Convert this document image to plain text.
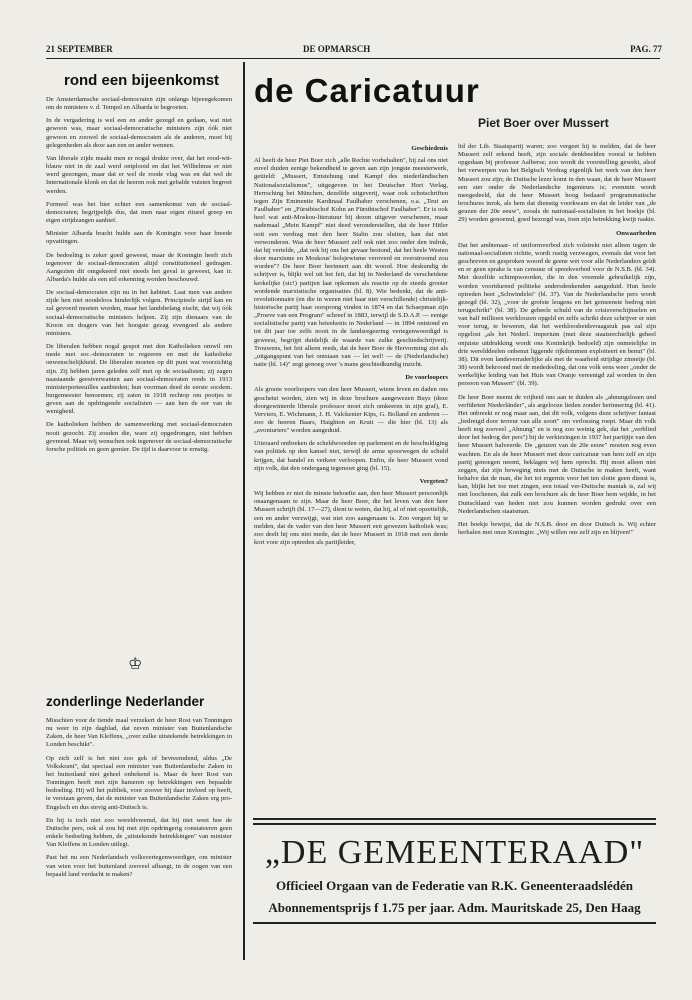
21 SEPTEMBER	DE OPMARSCH	PAG. 77
rond een bijeenkomst

De Amsterdamsche sociaal-democraten zijn onlangs bijeengekomen om de ministers v. d. Tempel en Albarda te begroeten.

In de vergadering is wel een en ander gezegd en gedaan, wat niet gewoon was, maar sociaal-democratische ministers zijn óók niet gewoon en zoowel de sociaal-democraten als de anderen, moet bij gelegenheden als deze aan een en ander wennen.

Van liberale zijde maakt men er nogal drukte over, dat het rood-wit-blauw niet in de zaal werd ontplooid en dat het Wilhelmus er niet werd gezongen, maar dat er wel de roode vlag was en dat wel de Internationale klonk en dat de heeren ook met gebalde vuisten begroet werden.

Formeel was het hier echter een samenkomst van de sociaal-democraten; begrijpelijk dus, dat men naar eigen ritueel greep en eigen strijdzangen aanhief.

Minister Albarda bracht hulde aan de Koningin voor haar breede opvattingen.

De bedoeling is zeker goed geweest, maar de Koningin heeft zich tegenover de sociaal-democraten altijd constitutioneel gedragen. Aangezien dit omgekeerd niet steeds het geval is geweest, kan ir. Albarda's hulde als een stil erkenning worden beschouwd.

De sociaal-democraten zijn nu in het kabinet. Laat men van andere zijde hen niet noodeloos hinderlijk volgen. Principieele strijd kan en zal gevoerd moeten worden, maar het landsbelang eischt, dat wij óók sociaal-democratische ministers helpen. Zij zijn dienaars van de Kroon en dragers van het hoogste gezag evengoed als andere ministers.

De liberalen hebben nogal gespot met den Katholieken omwil om mede met soc.-democraten te regeeren en met de katholieke onwenschelijkheid. De liberalen moeten op dit punt wat voorzichtig zijn. Zij hebben jaren geleden zelf met op de sociaalisten; zij zagen naastaande geestverwanten aan sociaal-democraten reeds in 1913 ministerporteeuilles aanbieden; hun voorman deed de eerste socdem. burgemeester benoemen; zij zaten in 1918 rechtop om pootjes te geven aan de opdringende socialisten — aan hen de eer van de wenigheid.

De katholieken hebben de samenwerking met sociaal-democraten nooit gezocht. Zij zouden die, ware zij opgedrongen, niet hebben gevreesd. Maar wij wenschen ook tegenover de sociaal-democratische forsche politiek en geen gemier. De tijd is daarvoor te ernstig.

♔
zonderlinge Nederlander

Misschien voor de tiende maal verzekert de heer Rost van Tonningen nu weer in zijn dagblad, dat zeven minister van Buitenlandsche Zaken, de heer Van Kleffens, „over zulke uitstekende betrekkingen in Londen beschikt".

Op zich zelf is het niet zoo gek of bevreemdend, aldus „De Volkskrant", dat speciaal een minister van Buitenlandsche Zaken in het buitenland niet geheel onbekend is. Maar de heer Rost van Tonningen heeft met zijn hameren op betrekkingen een bepaalde bedoeling. Hij wil het publiek, voor zoover hij daar invloed op heeft, te verstaan geven, dat de minister van Buitenlandsche Zaken erg pro-Engelsch en dus stevig anti-Duitsch is.

En hij is toch niet zoo wereldvreemd, dat hij niet weet hoe de Duitsche pers, ook al zou hij met zijn opdringerig constateeren geen enkele bedoeling hebben, de „uitstekende betrekkingen" van minister Van Kleffens in Londen uitlegt.

Past het nu een Nederlandsch volksvertegenwoordiger, om minister van wien voor het buitenland zooveel afhangt, in de oogen van een bepaald land verdacht te maken?

de Caricatuur
Piet Boer over Mussert
Geschiedenis

Al heeft de heer Piet Boer zich „alle Rechte vorbehalten", hij zal ons niet euvel duiden eenige bekendheid te geven aan zijn jongste meesterwerk, getiteld: „Mussert, Entstehung und Kampf des niederländischen Nationalsozialismus", uitgegeven in het Deutscher Hort Verlag, Herrsching bei München, dezelfde uitgeverij, waar ook schotschriften tegen Zijn Eminentie Kardinaal Faulhaber verschenen, o.a. „Teut an Faulhaber" en „Fürstbischof Kohn an Fürstbischof Faulhaber". Er is ook heel wat anti-Moskou-literatuur bij dezen uitgever verschenen, maar nademaal „Mein Kampf" niet deed veronderstellen, dat de heer Hitler ooit een verdrag met den heer Stalin zou sluiten, kan dat niet verwonderen. Was de heer Mussert zelf ook niet zoo onder den indruk, dat hij vertelde, „dat ook bij ons het gevaar bestond, dat het heele Westen door marxisme en Moskous' bolsjewisme veroverd en overstroomd zou worden"? De heer Boer herinnert aan dit woord. Hoe deskundig de schrijver is, blijkt wel uit het feit, dat hij in Nederland de verscheidene kerkelijke (sic!) partijen laat opkomen als reactie op de steeds grooter wordende marxistische organisaties (bl. 8). Wie bedenkt, dat de anti-revolutionnaire (en die in wezen niet haar niet verschillende) christelijk-historische partij haar oorsprong vinden in 1874 en dat Schaepman zijn „Proeve van een Program" schreef in 1883, terwijl de S.D.A.P. — eenige socialistische partij van beteekenis in Nederland — in 1894 ontstond en tot dit jaar toe zelfs nooit in de landsregeering vertegenwoordigd is geweest, begrijpt duidelijk de waarde van zulke geschiedschrijverij. Trouwens, het feit alleen reeds, dat de heer Boer de Hervorming ziet als „uitgangspunt van het ontstaan van — let wel! — de (Nederlandsche) natie (bl. 14)" zegt genoeg over 's mans geschiedkundig inzicht.

De voorloopers

Als groote voorloopers van den heer Mussert, wiens leven en daden ons geschetst worden, zien wij in deze brochure aangewezen Buys (deze doorgewinterde liberale professor moet zich omkeeren in zijn graf), E. Verviers, E. Wichmann, J. H. Valckenier Kips, G. Bolland en anderen — zoo de heeren Baars, Haighton en Kruit — die hier (bl. 13) als „avonturiers" worden aangeduid.

Uiteraard ontbreken de scheldwoorden op parlement en de beschuldiging van politiek op den kansel niet, terwijl de arme spoorwegen de schuld krijgen, dat handel en verkeer verloopen. Enfin, de heer Mussert vond zijn volk, dat den ondergang tegemoet ging (bl. 15).

Vergeten?

Wij hebben er niet de minste behoefte aan, den heer Mussert persoonlijk onaangenaam te zijn. Maar de heer Boer, die het leven van den heer Mussert schrijft (bl. 17—27), dient te weten, dat hij, al of niet opzettelijk, een en ander verzwijgt, wat niet zoo aangenaam is. Zoo vergeet hij te melden, dat de vader van den heer Mussert een gewezen katholiek was; zoo deelt hij ons niet mede, dat de heer Mussert in 1918 met een derde kort voor zijn optreden als partijleider,

lid der Lib. Staatspartij waren; zoo vergeet hij te melden, dat de heer Mussert zelf erkend heeft, zijn sociale denkbeelden vooral te hebben opgedaan bij professor Aalberse; zoo wordt de voorstelling gewekt, alsof het verwerpen van het Belgisch Verdrag eigenlijk het werk van den heer Mussert zou zijn; de Duitsche lezer komt in den waan, dat de heer Mussert een ster onder de Nederlandsche ingenieurs is; evenmin wordt meegedeeld, dat de heer Mussert hoog bedaard programmatische brochures inrok, als hem dat dienstig voorkwam en dat de leider van „de geuzen der 20e eeuw", zooals de nationaal-socialisten in het boekje (bl. 29) worden genoemd, goed bezorgd was, toen zijn betrekking kwijt raakte.

Onwaarheden

Dat het ambtenaar- of uniformverbod zich volstrekt niet alleen tegen de nationaal-socialisten richtte, wordt rustig verzwegen, evenals dat voor het geschreven en gesproken woord de geene wet voor alle Nederlanders geldt en er geen sprake is van censuur of spreekverbod voor de N.S.B. (bl. 34). Met dezelfde schimpwoorden, die in den vreemde gebruikelijk zijn, worden voortdurend politieke andersdenkenden aangeduid. Hun heele optreden heet „Schwindelei" (bl. 37). Van de Nederlandsche pers wordt gezegd (bl. 32), „voor de grofste leugens en het gemeenste bedrog niet terugschrikt" (bl. 38). De geheele schuld van de crisisverschijnselen en van half millioen werkloozen opgeld en zelfs schrikt deze schrijver er niet voor terug, te beweren, dat het werkloosheidsvraagstuk pas zal zijn opgelost „als het Nederl. imperium (met deze staatsrechtelijk geheel onjuiste uitdrukking wordt ons Koninkrijk bedoeld) zijn onmetelijke in drie werelddeelen onbenut liggende rijkdommen exploiteert en benut" (bl. 38). Dit even landsverraderlijke als met de waarheid strijdige zinnetje (bl. 38) wordt bekroond met de mededeeling, dat ons volk eens weer „onder de werkelijke leiding van het Huis van Oranje vereenigd zal worden in den persoon van Mussert" (bl. 39).

De heer Boer neemt de vrijheid ons aan te duiden als „ahnungslosen und verführten Niederländer", als argelooze lieden zonder herinnering (bl. 41). Het onbreekt er nog maar aan, dat dit volk, volgens deze schrijver fantast „bedreigd door terreur van alle soort" om verlossing roept. Maar dit volk heeft nog zooveel „Ahnung" en is nog zoo weinig gek, dat het „verblind door het bedrog der pers") bij de verkiezingen in 1937 het partijtje van den heer Mussert halveerde. De „geuzen van de 20e eeuw" moeten nog even wachten. En als de heer Mussert met deze caricatuur van hem zelf en zijn partij genoegen neemt, beklagen wij hem oprecht. Hij moet alleen niet zeggen, dat zijn beweging niets met de Duitsche te maken heeft, want behalve dat de man, die het tot ergernis voor het ten slotte geen dienst is, kan, blijkt het toe met zingen, een totaal ver-Duitsche maniak is, zal wij niet loochenen, dat zulk een brochure als de heer Boer hem wijdde, in het Duitschland van heden niet zou kunnen worden gedrukt over een Nederlandschen staatsman.

Het boekje bewijst, dat de N.S.B. door en door Duitsch is. Wij echter herhalen met onze Koningin: „Wij willen ons zelf zijn en blijven!"

„DE GEMEENTERAAD"
Officieel Orgaan van de Federatie van R.K. Geneenteraadslédén
Abonnementsprijs f 1.75 per jaar. Adm. Mauritskade 25, Den Haag
